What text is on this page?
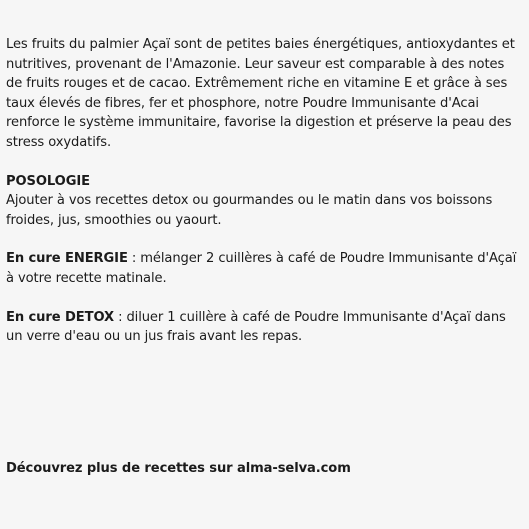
Les fruits du palmier Açaï sont de petites baies énergétiques, antioxydantes et nutritives, provenant de l'Amazonie. Leur saveur est comparable à des notes de fruits rouges et de cacao. Extrêmement riche en vitamine E et grâce à ses taux élevés de fibres, fer et phosphore, notre Poudre Immunisante d'Acai renforce le système immunitaire, favorise la digestion et préserve la peau des stress oxydatifs.

POSOLOGIE
Ajouter à vos recettes detox ou gourmandes ou le matin dans vos boissons froides, jus, smoothies ou yaourt.

En cure ENERGIE : mélanger 2 cuillères à café de Poudre Immunisante d'Açaï à votre recette matinale.

En cure DETOX : diluer 1 cuillère à café de Poudre Immunisante d'Açaï dans un verre d'eau ou un jus frais avant les repas.

Découvrez plus de recettes sur alma-selva.com
